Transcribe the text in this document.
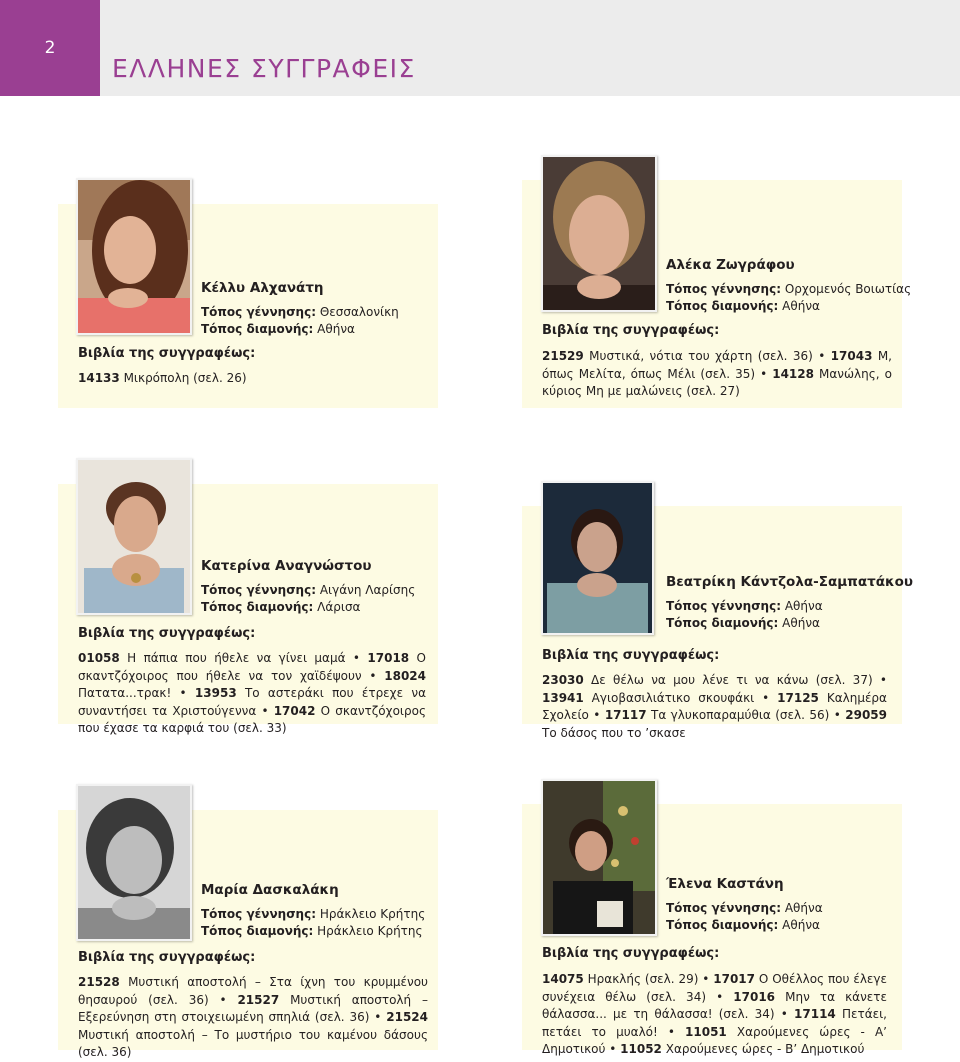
2
ΕΛΛΗΝΕΣ ΣΥΓΓΡΑΦΕΙΣ
Κέλλυ Αλχανάτη
Τόπος γέννησης: Θεσσαλονίκη
Τόπος διαμονής: Αθήνα
Βιβλία της συγγραφέως:
14133 Μικρόπολη (σελ. 26)
Αλέκα Ζωγράφου
Τόπος γέννησης: Ορχομενός Βοιωτίας
Τόπος διαμονής: Αθήνα
Βιβλία της συγγραφέως:
21529 Μυστικά, νότια του χάρτη (σελ. 36) • 17043 Μ, όπως Μελίτα, όπως Μέλι (σελ. 35) • 14128 Μανώλης, ο κύριος Μη με μαλώνεις (σελ. 27)
Κατερίνα Αναγνώστου
Τόπος γέννησης: Αιγάνη Λαρίσης
Τόπος διαμονής: Λάρισα
Βιβλία της συγγραφέως:
01058 Η πάπια που ήθελε να γίνει μαμά • 17018 Ο σκαντζόχοιρος που ήθελε να τον χαϊδέψουν • 18024 Πατατα...τρακ! • 13953 Το αστεράκι που έτρεχε να συναντήσει τα Χριστούγεννα • 17042 Ο σκαντζόχοιρος που έχασε τα καρφιά του (σελ. 33)
Βεατρίκη Κάντζολα-Σαμπατάκου
Τόπος γέννησης: Αθήνα
Τόπος διαμονής: Αθήνα
Βιβλία της συγγραφέως:
23030 Δε θέλω να μου λένε τι να κάνω (σελ. 37) • 13941 Αγιοβασιλιάτικο σκουφάκι • 17125 Καλημέρα Σχολείο • 17117 Τα γλυκοπαραμύθια (σελ. 56) • 29059 Το δάσος που το ’σκασε
Μαρία Δασκαλάκη
Τόπος γέννησης: Ηράκλειο Κρήτης
Τόπος διαμονής: Ηράκλειο Κρήτης
Βιβλία της συγγραφέως:
21528 Μυστική αποστολή – Στα ίχνη του κρυμμένου θησαυρού (σελ. 36) • 21527 Μυστική αποστολή – Εξερεύνηση στη στοιχειωμένη σπηλιά (σελ. 36) • 21524 Μυστική αποστολή – Το μυστήριο του καμένου δάσους (σελ. 36)
Έλενα Καστάνη
Τόπος γέννησης: Αθήνα
Τόπος διαμονής: Αθήνα
Βιβλία της συγγραφέως:
14075 Ηρακλής (σελ. 29) • 17017 Ο Οθέλλος που έλεγε συνέχεια θέλω (σελ. 34) • 17016 Μην τα κάνετε θάλασσα... με τη θάλασσα! (σελ. 34) • 17114 Πετάει, πετάει το μυαλό! • 11051 Χαρούμενες ώρες - Α’ Δημοτικού • 11052 Χαρούμενες ώρες - Β’ Δημοτικού
